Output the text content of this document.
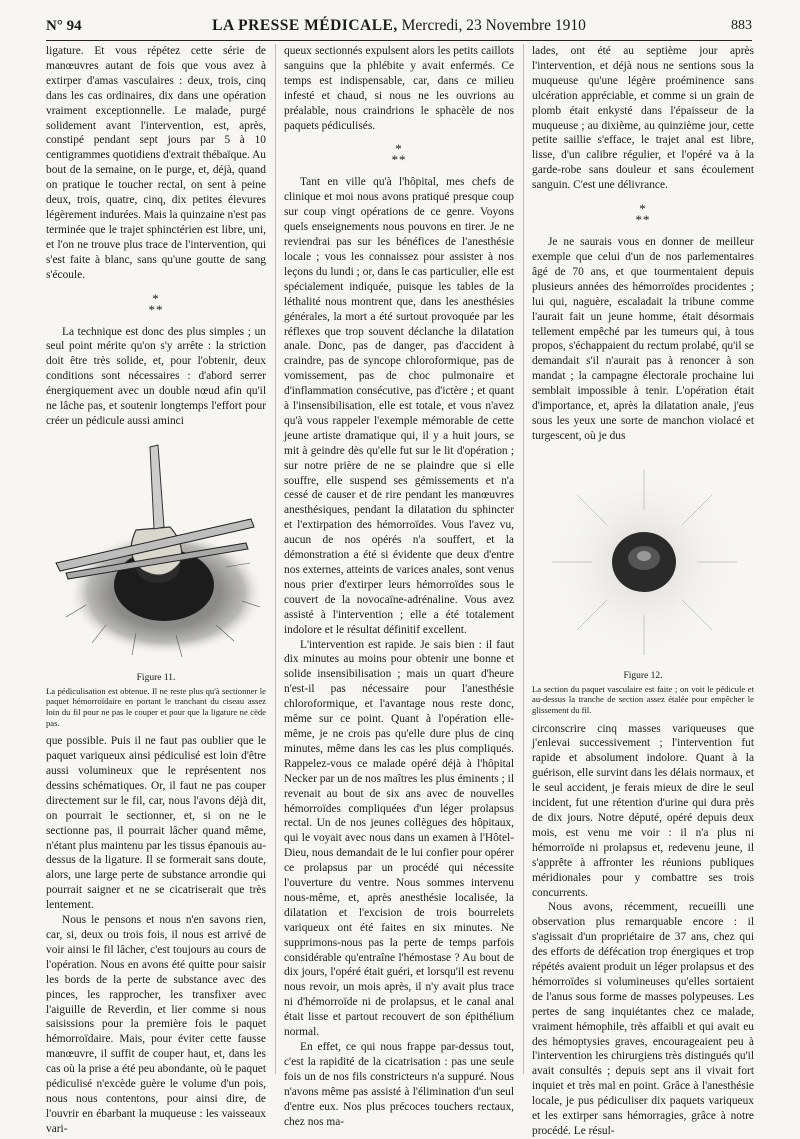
N° 94	LA PRESSE MÉDICALE, Mercredi, 23 Novembre 1910	883

ligature. Et vous répétez cette série de manœuvres autant de fois que vous avez à extirper d'amas vasculaires : deux, trois, cinq dans les cas ordinaires, dix dans une opération vraiment exceptionnelle. Le malade, purgé solidement avant l'intervention, est, après, constipé pendant sept jours par 5 à 10 centigrammes quotidiens d'extrait thébaïque. Au bout de la semaine, on le purge, et, déjà, quand on pratique le toucher rectal, on sent à peine deux, trois, quatre, cinq, dix petites élevures légèrement indurées. Mais la quinzaine n'est pas terminée que le trajet sphinctérien est libre, uni, et l'on ne trouve plus trace de l'intervention, qui s'est faite à blanc, sans qu'une goutte de sang s'écoule.

*
**

La technique est donc des plus simples ; un seul point mérite qu'on s'y arrête : la striction doit être très solide, et, pour l'obtenir, deux conditions sont nécessaires : d'abord serrer énergiquement avec un double nœud afin qu'il ne lâche pas, et soutenir longtemps l'effort pour créer un pédicule aussi aminci

Figure 11.
La pédiculisation est obtenue. Il ne reste plus qu'à sectionner le paquet hémorroïdaire en portant le tranchant du ciseau assez loin du fil pour ne pas le couper et pour que la ligature ne cède pas.

que possible. Puis il ne faut pas oublier que le paquet variqueux ainsi pédiculisé est loin d'être aussi volumineux que le représentent nos dessins schématiques. Or, il faut ne pas couper directement sur le fil, car, nous l'avons déjà dit, on pourrait le sectionner, et, si on ne le sectionne pas, il pourrait lâcher quand même, n'étant plus maintenu par les tissus épanouis au-dessus de la ligature. Il se formerait sans doute, alors, une large perte de substance arrondie qui pourrait saigner et ne se cicatriserait que très lentement.

Nous le pensons et nous n'en savons rien, car, si, deux ou trois fois, il nous est arrivé de voir ainsi le fil lâcher, c'est toujours au cours de l'opération. Nous en avons été quitte pour saisir les bords de la perte de substance avec des pinces, les rapprocher, les transfixer avec l'aiguille de Reverdin, et lier comme si nous saisissions pour la première fois le paquet hémorroïdaire. Mais, pour éviter cette fausse manœuvre, il suffit de couper haut, et, dans les cas où la prise a été peu abondante, où le paquet pédiculisé n'excède guère le volume d'un pois, nous nous contentons, pour ainsi dire, de l'ouvrir en ébarbant la muqueuse : les vaisseaux vari-

queux sectionnés expulsent alors les petits caillots sanguins que la phlébite y avait enfermés. Ce temps est indispensable, car, dans ce milieu infesté et chaud, si nous ne les ouvrions au préalable, nous craindrions le sphacèle de nos paquets pédiculisés.

*
**

Tant en ville qu'à l'hôpital, mes chefs de clinique et moi nous avons pratiqué presque coup sur coup vingt opérations de ce genre. Voyons quels enseignements nous pouvons en tirer. Je ne reviendrai pas sur les bénéfices de l'anesthésie locale ; vous les connaissez pour assister à nos leçons du lundi ; or, dans le cas particulier, elle est spécialement indiquée, puisque les tables de la léthalité nous montrent que, dans les anesthésies générales, la mort a été surtout provoquée par les réflexes que trop souvent déclanche la dilatation anale. Donc, pas de danger, pas d'accident à craindre, pas de syncope chloroformique, pas de vomissement, pas de choc pulmonaire et d'inflammation consécutive, pas d'ictère ; et quant à l'insensibilisation, elle est totale, et vous n'avez qu'à vous rappeler l'exemple mémorable de cette jeune artiste dramatique qui, il y a huit jours, se mit à geindre dès qu'elle fut sur le lit d'opération ; sur notre prière de ne se plaindre que si elle souffre, elle suspend ses gémissements et n'a cessé de causer et de rire pendant les manœuvres anesthésiques, pendant la dilatation du sphincter et l'extirpation des hémorroïdes. Vous l'avez vu, aucun de nos opérés n'a souffert, et la démonstration a été si évidente que deux d'entre nos externes, atteints de varices anales, sont venus nous prier d'extirper leurs hémorroïdes sous le couvert de la novocaïne-adrénaline. Vous avez assisté à l'intervention ; elle a été totalement indolore et le résultat définitif excellent.

L'intervention est rapide. Je sais bien : il faut dix minutes au moins pour obtenir une bonne et solide insensibilisation ; mais un quart d'heure n'est-il pas nécessaire pour l'anesthésie chloroformique, et l'avantage nous reste donc, même sur ce point. Quant à l'opération elle-même, je ne crois pas qu'elle dure plus de cinq minutes, même dans les cas les plus compliqués. Rappelez-vous ce malade opéré déjà à l'hôpital Necker par un de nos maîtres les plus éminents ; il revenait au bout de six ans avec de nouvelles hémorroïdes compliquées d'un léger prolapsus rectal. Un de nos jeunes collègues des hôpitaux, qui le voyait avec nous dans un examen à l'Hôtel-Dieu, nous demandait de le lui confier pour opérer ce prolapsus par un procédé qui nécessite l'ouverture du ventre. Nous sommes intervenu nous-même, et, après anesthésie localisée, la dilatation et l'excision de trois bourrelets variqueux ont été faites en six minutes. Ne supprimons-nous pas la perte de temps parfois considérable qu'entraîne l'hémostase ? Au bout de dix jours, l'opéré était guéri, et lorsqu'il est revenu nous revoir, un mois après, il n'y avait plus trace ni d'hémorroïde ni de prolapsus, et le canal anal était lisse et partout recouvert de son épithélium normal.

En effet, ce qui nous frappe par-dessus tout, c'est la rapidité de la cicatrisation : pas une seule fois un de nos fils constricteurs n'a suppuré. Nous n'avons même pas assisté à l'élimination d'un seul d'entre eux. Nos plus précoces touchers rectaux, chez nos ma-

lades, ont été au septième jour après l'intervention, et déjà nous ne sentions sous la muqueuse qu'une légère proéminence sans ulcération appréciable, et comme si un grain de plomb était enkysté dans l'épaisseur de la muqueuse ; au dixième, au quinzième jour, cette petite saillie s'efface, le trajet anal est libre, lisse, d'un calibre régulier, et l'opéré va à la garde-robe sans douleur et sans écoulement sanguin. C'est une délivrance.

*
**

Je ne saurais vous en donner de meilleur exemple que celui d'un de nos parlementaires âgé de 70 ans, et que tourmentaient depuis plusieurs années des hémorroïdes procidentes ; lui qui, naguère, escaladait la tribune comme l'aurait fait un jeune homme, était désormais tellement empêché par les tumeurs qui, à tous propos, s'échappaient du rectum prolabé, qu'il se demandait s'il n'aurait pas à renoncer à son mandat ; la campagne électorale prochaine lui semblait impossible à tenir. L'opération était d'importance, et, après la dilatation anale, j'eus sous les yeux une sorte de manchon violacé et turgescent, où je dus

Figure 12.
La section du paquet vasculaire est faite ; on voit le pédicule et au-dessus la tranche de section assez étalée pour empêcher le glissement du fil.

circonscrire cinq masses variqueuses que j'enlevai successivement ; l'intervention fut rapide et absolument indolore. Quant à la guérison, elle survint dans les délais normaux, et le seul accident, je ferais mieux de dire le seul incident, fut une rétention d'urine qui dura près de dix jours. Notre député, opéré depuis deux mois, est venu me voir : il n'a plus ni hémorroïde ni prolapsus et, redevenu jeune, il s'apprête à affronter les réunions publiques méridionales pour y combattre ses trois concurrents.

Nous avons, récemment, recueilli une observation plus remarquable encore : il s'agissait d'un propriétaire de 37 ans, chez qui des efforts de défécation trop énergiques et trop répétés avaient produit un léger prolapsus et des hémorroïdes si volumineuses qu'elles sortaient de l'anus sous forme de masses polypeuses. Les pertes de sang inquiétantes chez ce malade, vraiment hémophile, très affaibli et qui avait eu des hémoptysies graves, encourageaient peu à l'intervention les chirurgiens très distingués qu'il avait consultés ; depuis sept ans il vivait fort inquiet et très mal en point. Grâce à l'anesthésie locale, je pus pédiculiser dix paquets variqueux et les extirper sans hémorragies, grâce à notre procédé. Le résul-
